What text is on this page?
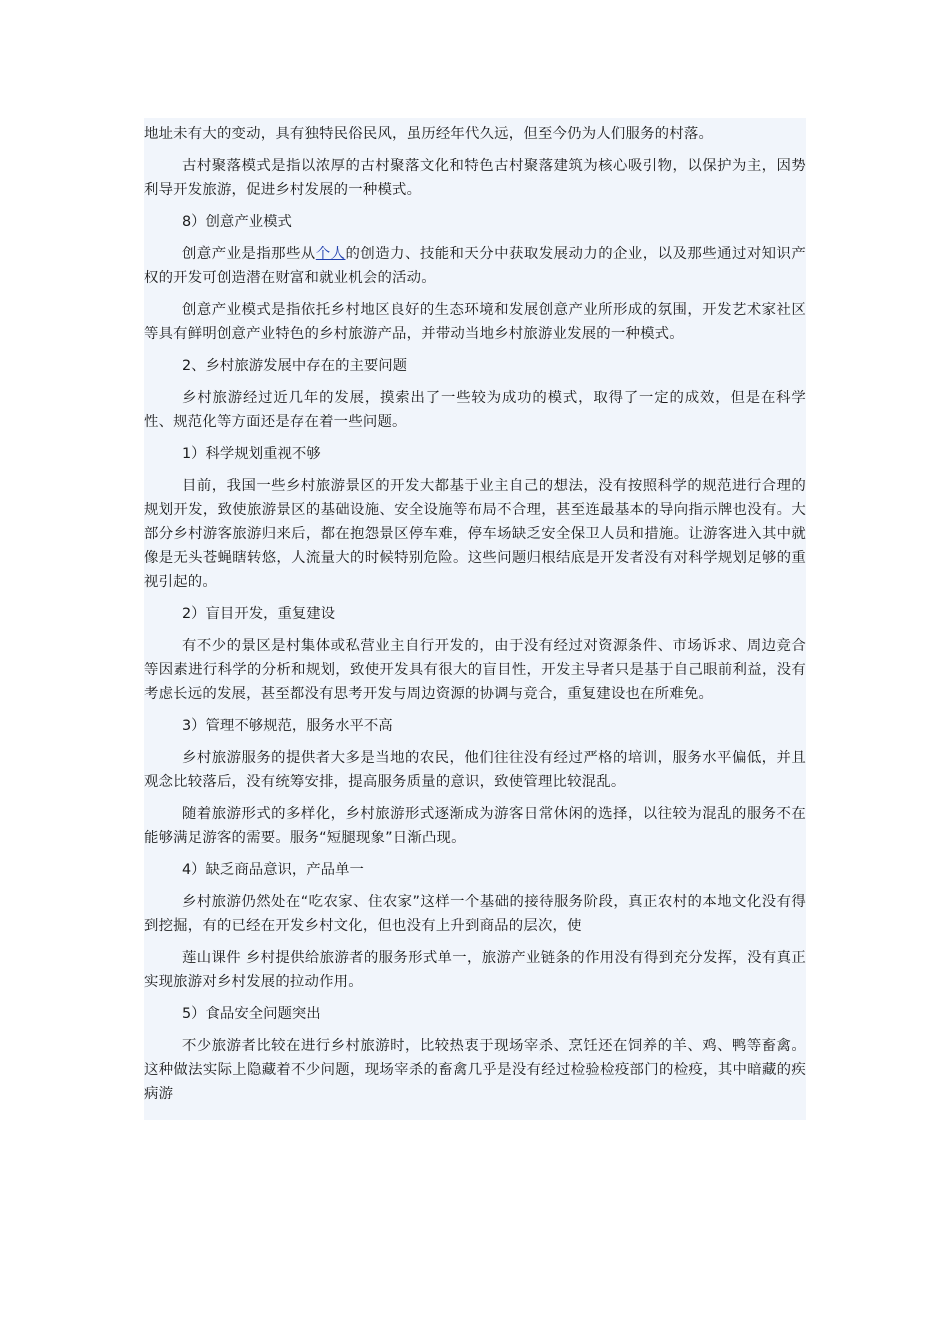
地址未有大的变动，具有独特民俗民风，虽历经年代久远，但至今仍为人们服务的村落。

古村聚落模式是指以浓厚的古村聚落文化和特色古村聚落建筑为核心吸引物，以保护为主，因势利导开发旅游，促进乡村发展的一种模式。

8）创意产业模式

创意产业是指那些从个人的创造力、技能和天分中获取发展动力的企业，以及那些通过对知识产权的开发可创造潜在财富和就业机会的活动。

创意产业模式是指依托乡村地区良好的生态环境和发展创意产业所形成的氛围，开发艺术家社区等具有鲜明创意产业特色的乡村旅游产品，并带动当地乡村旅游业发展的一种模式。

2、乡村旅游发展中存在的主要问题

乡村旅游经过近几年的发展，摸索出了一些较为成功的模式，取得了一定的成效，但是在科学性、规范化等方面还是存在着一些问题。

1）科学规划重视不够

目前，我国一些乡村旅游景区的开发大都基于业主自己的想法，没有按照科学的规范进行合理的规划开发，致使旅游景区的基础设施、安全设施等布局不合理，甚至连最基本的导向指示牌也没有。大部分乡村游客旅游归来后，都在抱怨景区停车难，停车场缺乏安全保卫人员和措施。让游客进入其中就像是无头苍蝇瞎转悠，人流量大的时候特别危险。这些问题归根结底是开发者没有对科学规划足够的重视引起的。

2）盲目开发，重复建设

有不少的景区是村集体或私营业主自行开发的，由于没有经过对资源条件、市场诉求、周边竞合等因素进行科学的分析和规划，致使开发具有很大的盲目性，开发主导者只是基于自己眼前利益，没有考虑长远的发展，甚至都没有思考开发与周边资源的协调与竞合，重复建设也在所难免。

3）管理不够规范，服务水平不高

乡村旅游服务的提供者大多是当地的农民，他们往往没有经过严格的培训，服务水平偏低，并且观念比较落后，没有统筹安排，提高服务质量的意识，致使管理比较混乱。

随着旅游形式的多样化，乡村旅游形式逐渐成为游客日常休闲的选择，以往较为混乱的服务不在能够满足游客的需要。服务“短腿现象”日渐凸现。

4）缺乏商品意识，产品单一

乡村旅游仍然处在“吃农家、住农家”这样一个基础的接待服务阶段，真正农村的本地文化没有得到挖掘，有的已经在开发乡村文化，但也没有上升到商品的层次，使

莲山课件 乡村提供给旅游者的服务形式单一，旅游产业链条的作用没有得到充分发挥，没有真正实现旅游对乡村发展的拉动作用。

5）食品安全问题突出

不少旅游者比较在进行乡村旅游时，比较热衷于现场宰杀、烹饪还在饲养的羊、鸡、鸭等畜禽。这种做法实际上隐藏着不少问题，现场宰杀的畜禽几乎是没有经过检验检疫部门的检疫，其中暗藏的疾病游
